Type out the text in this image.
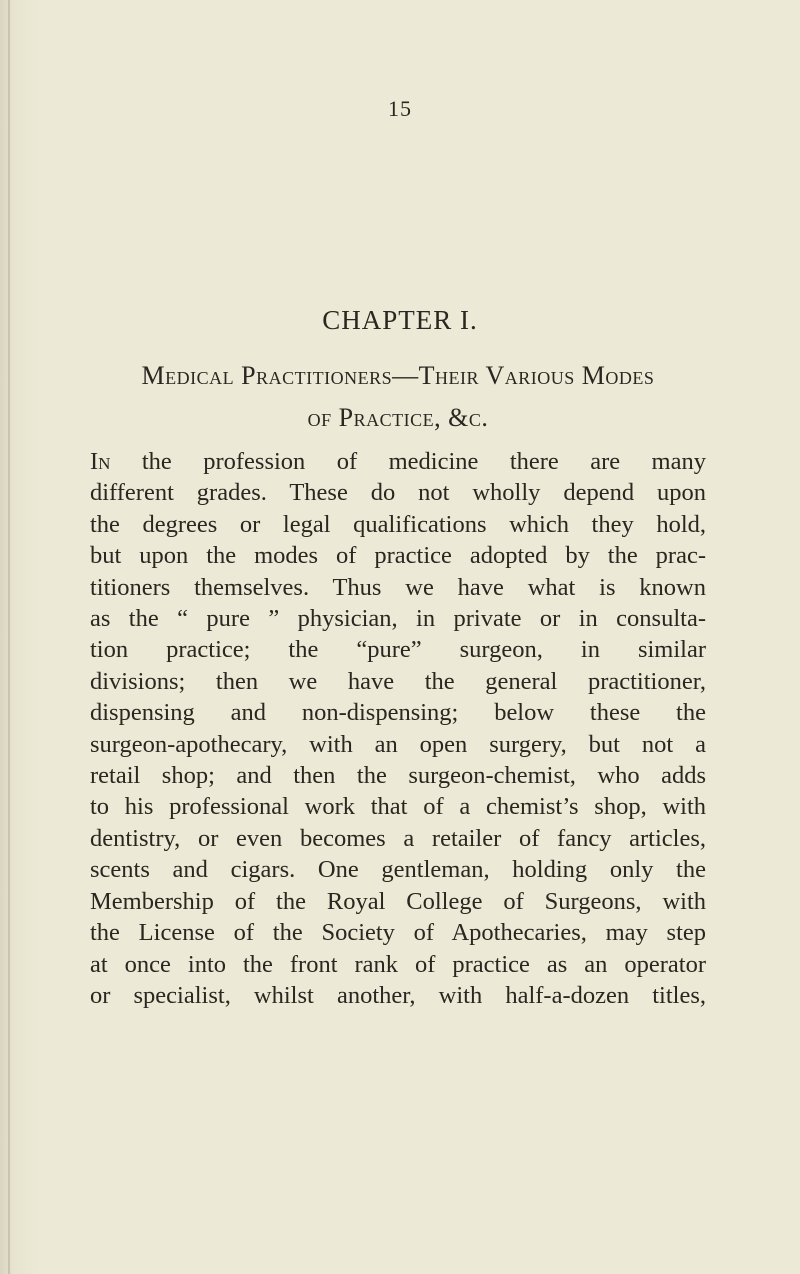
15
CHAPTER I.
Medical Practitioners—Their Various Modes
of Practice, &c.
In the profession of medicine there are many
different grades. These do not wholly depend upon
the degrees or legal qualifications which they hold,
but upon the modes of practice adopted by the prac-
titioners themselves. Thus we have what is known
as the “ pure ” physician, in private or in consulta-
tion practice; the “pure” surgeon, in similar
divisions; then we have the general practitioner,
dispensing and non-dispensing; below these the
surgeon-apothecary, with an open surgery, but not a
retail shop; and then the surgeon-chemist, who adds
to his professional work that of a chemist’s shop, with
dentistry, or even becomes a retailer of fancy articles,
scents and cigars. One gentleman, holding only the
Membership of the Royal College of Surgeons, with
the License of the Society of Apothecaries, may step
at once into the front rank of practice as an operator
or specialist, whilst another, with half-a-dozen titles,
